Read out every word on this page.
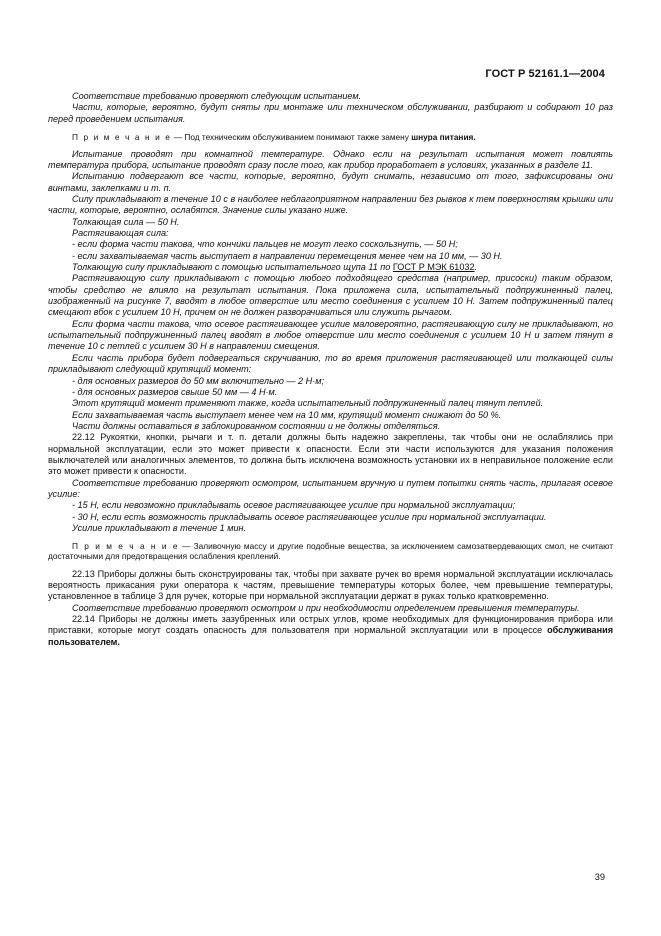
ГОСТ Р 52161.1—2004

Соответствие требованию проверяют следующим испытанием.

Части, которые, вероятно, будут сняты при монтаже или техническом обслуживании, разбирают и собирают 10 раз перед проведением испытания.

П р и м е ч а н и е — Под техническим обслуживанием понимают также замену шнура питания.

Испытание проводят при комнатной температуре. Однако если на результат испытания может повлиять температура прибора, испытание проводят сразу после того, как прибор проработает в условиях, указанных в разделе 11.

Испытанию подвергают все части, которые, вероятно, будут снимать, независимо от того, зафиксированы они винтами, заклепками и т. п.

Силу прикладывают в течение 10 с в наиболее неблагоприятном направлении без рывков к тем поверхностям крышки или части, которые, вероятно, ослабятся. Значение силы указано ниже.

Толкающая сила — 50 Н.

Растягивающая сила:

- если форма части такова, что кончики пальцев не могут легко соскользнуть, — 50 Н;

- если захватываемая часть выступает в направлении перемещения менее чем на 10 мм, — 30 Н.

Толкающую силу прикладывают с помощью испытательного щупа 11 по ГОСТ Р МЭК 61032.

Растягивающую силу прикладывают с помощью любого подходящего средства (например, присоски) таким образом, чтобы средство не влияло на результат испытания. Пока приложена сила, испытательный подпружиненный палец, изображенный на рисунке 7, вводят в любое отверстие или место соединения с усилием 10 Н. Затем подпружиненный палец смещают вбок с усилием 10 Н, причем он не должен разворачиваться или служить рычагом.

Если форма части такова, что осевое растягивающее усилие маловероятно, растягивающую силу не прикладывают, но испытательный подпружиненный палец вводят в любое отверстие или место соединения с усилием 10 Н и затем тянут в течение 10 с петлей с усилием 30 Н в направлении смещения.

Если часть прибора будет подвергаться скручиванию, то во время приложения растягивающей или толкающей силы прикладывают следующий крутящий момент:

- для основных размеров до 50 мм включительно — 2 Н·м;

- для основных размеров свыше 50 мм — 4 Н·м.

Этот крутящий момент применяют также, когда испытательный подпружиненный палец тянут петлей.

Если захватываемая часть выступает менее чем на 10 мм, крутящий момент снижают до 50 %.

Части должны оставаться в заблокированном состоянии и не должны отделяться.

22.12 Рукоятки, кнопки, рычаги и т. п. детали должны быть надежно закреплены, так чтобы они не ослаблялись при нормальной эксплуатации, если это может привести к опасности. Если эти части используются для указания положения выключателей или аналогичных элементов, то должна быть исключена возможность установки их в неправильное положение если это может привести к опасности.

Соответствие требованию проверяют осмотром, испытанием вручную и путем попытки снять часть, прилагая осевое усилие:

- 15 Н, если невозможно прикладывать осевое растягивающее усилие при нормальной эксплуатации;

- 30 Н, если есть возможность прикладывать осевое растягивающее усилие при нормальной эксплуатации.

Усилие прикладывают в течение 1 мин.

П р и м е ч а н и е — Заливочную массу и другие подобные вещества, за исключением самозатвердевающих смол, не считают достаточными для предотвращения ослабления креплений.

22.13 Приборы должны быть сконструированы так, чтобы при захвате ручек во время нормальной эксплуатации исключалась вероятность прикасания руки оператора к частям, превышение температуры которых более, чем превышение температуры, установленное в таблице 3 для ручек, которые при нормальной эксплуатации держат в руках только кратковременно.

Соответствие требованию проверяют осмотром и при необходимости определением превышения температуры.

22.14 Приборы не должны иметь зазубренных или острых углов, кроме необходимых для функционирования прибора или приставки, которые могут создать опасность для пользователя при нормальной эксплуатации или в процессе обслуживания пользователем.

39
